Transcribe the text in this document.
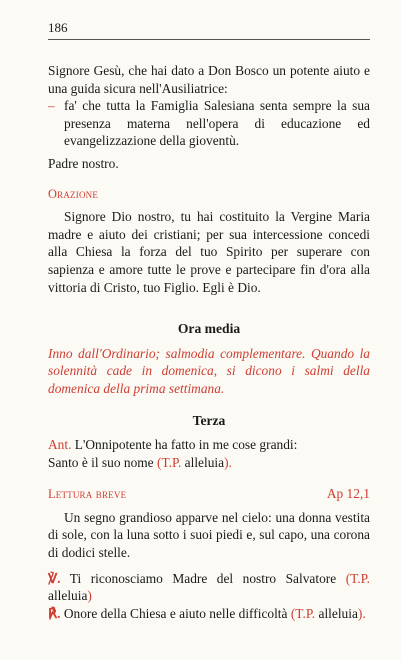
186

Signore Gesù, che hai dato a Don Bosco un potente aiuto e una guida sicura nell'Ausiliatrice:

– fa' che tutta la Famiglia Salesiana senta sempre la sua presenza materna nell'opera di educazione ed evangelizzazione della gioventù.

Padre nostro.

Orazione

Signore Dio nostro, tu hai costituito la Vergine Maria madre e aiuto dei cristiani; per sua intercessione concedi alla Chiesa la forza del tuo Spirito per superare con sapienza e amore tutte le prove e partecipare fin d'ora alla vittoria di Cristo, tuo Figlio. Egli è Dio.

Ora media

Inno dall'Ordinario; salmodia complementare. Quando la solennità cade in domenica, si dicono i salmi della domenica della prima settimana.

Terza

Ant. L'Onnipotente ha fatto in me cose grandi:
Santo è il suo nome (T.P. alleluia).

Lettura breve	Ap 12,1

Un segno grandioso apparve nel cielo: una donna vestita di sole, con la luna sotto i suoi piedi e, sul capo, una corona di dodici stelle.

℣. Ti riconosciamo Madre del nostro Salvatore (T.P. alleluia)

℟. Onore della Chiesa e aiuto nelle difficoltà (T.P. alleluia).
